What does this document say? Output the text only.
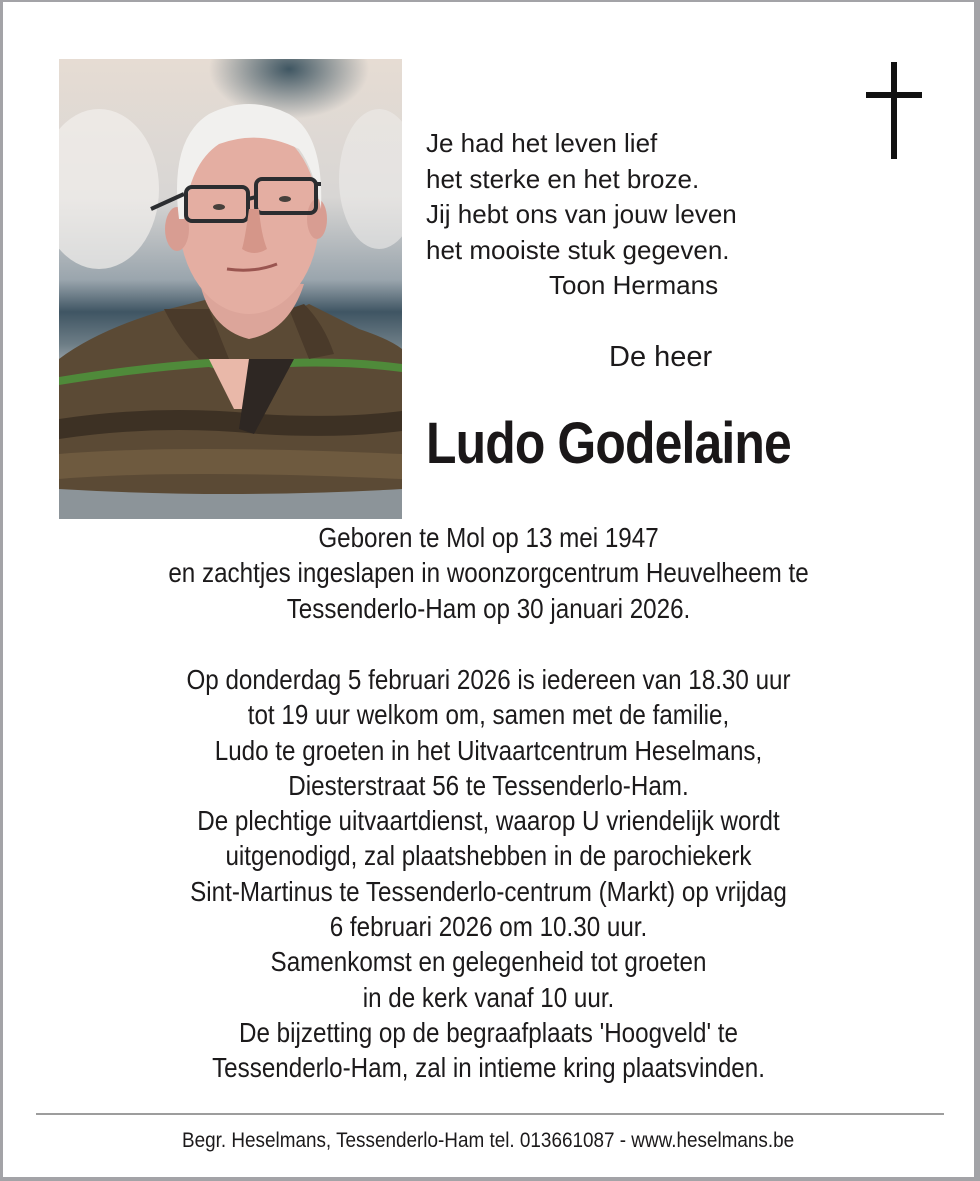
Je had het leven lief
het sterke en het broze.
Jij hebt ons van jouw leven
het mooiste stuk gegeven.
Toon Hermans
De heer
Ludo Godelaine
Geboren te Mol op 13 mei 1947
en zachtjes ingeslapen in woonzorgcentrum Heuvelheem te
Tessenderlo-Ham op 30 januari 2026.
Op donderdag 5 februari 2026 is iedereen van 18.30 uur
tot 19 uur welkom om, samen met de familie,
Ludo te groeten in het Uitvaartcentrum Heselmans,
Diesterstraat 56 te Tessenderlo-Ham.
De plechtige uitvaartdienst, waarop U vriendelijk wordt
uitgenodigd, zal plaatshebben in de parochiekerk
Sint-Martinus te Tessenderlo-centrum (Markt) op vrijdag
6 februari 2026 om 10.30 uur.
Samenkomst en gelegenheid tot groeten
in de kerk vanaf 10 uur.
De bijzetting op de begraafplaats 'Hoogveld' te
Tessenderlo-Ham, zal in intieme kring plaatsvinden.
Begr. Heselmans, Tessenderlo-Ham tel. 013661087 - www.heselmans.be
